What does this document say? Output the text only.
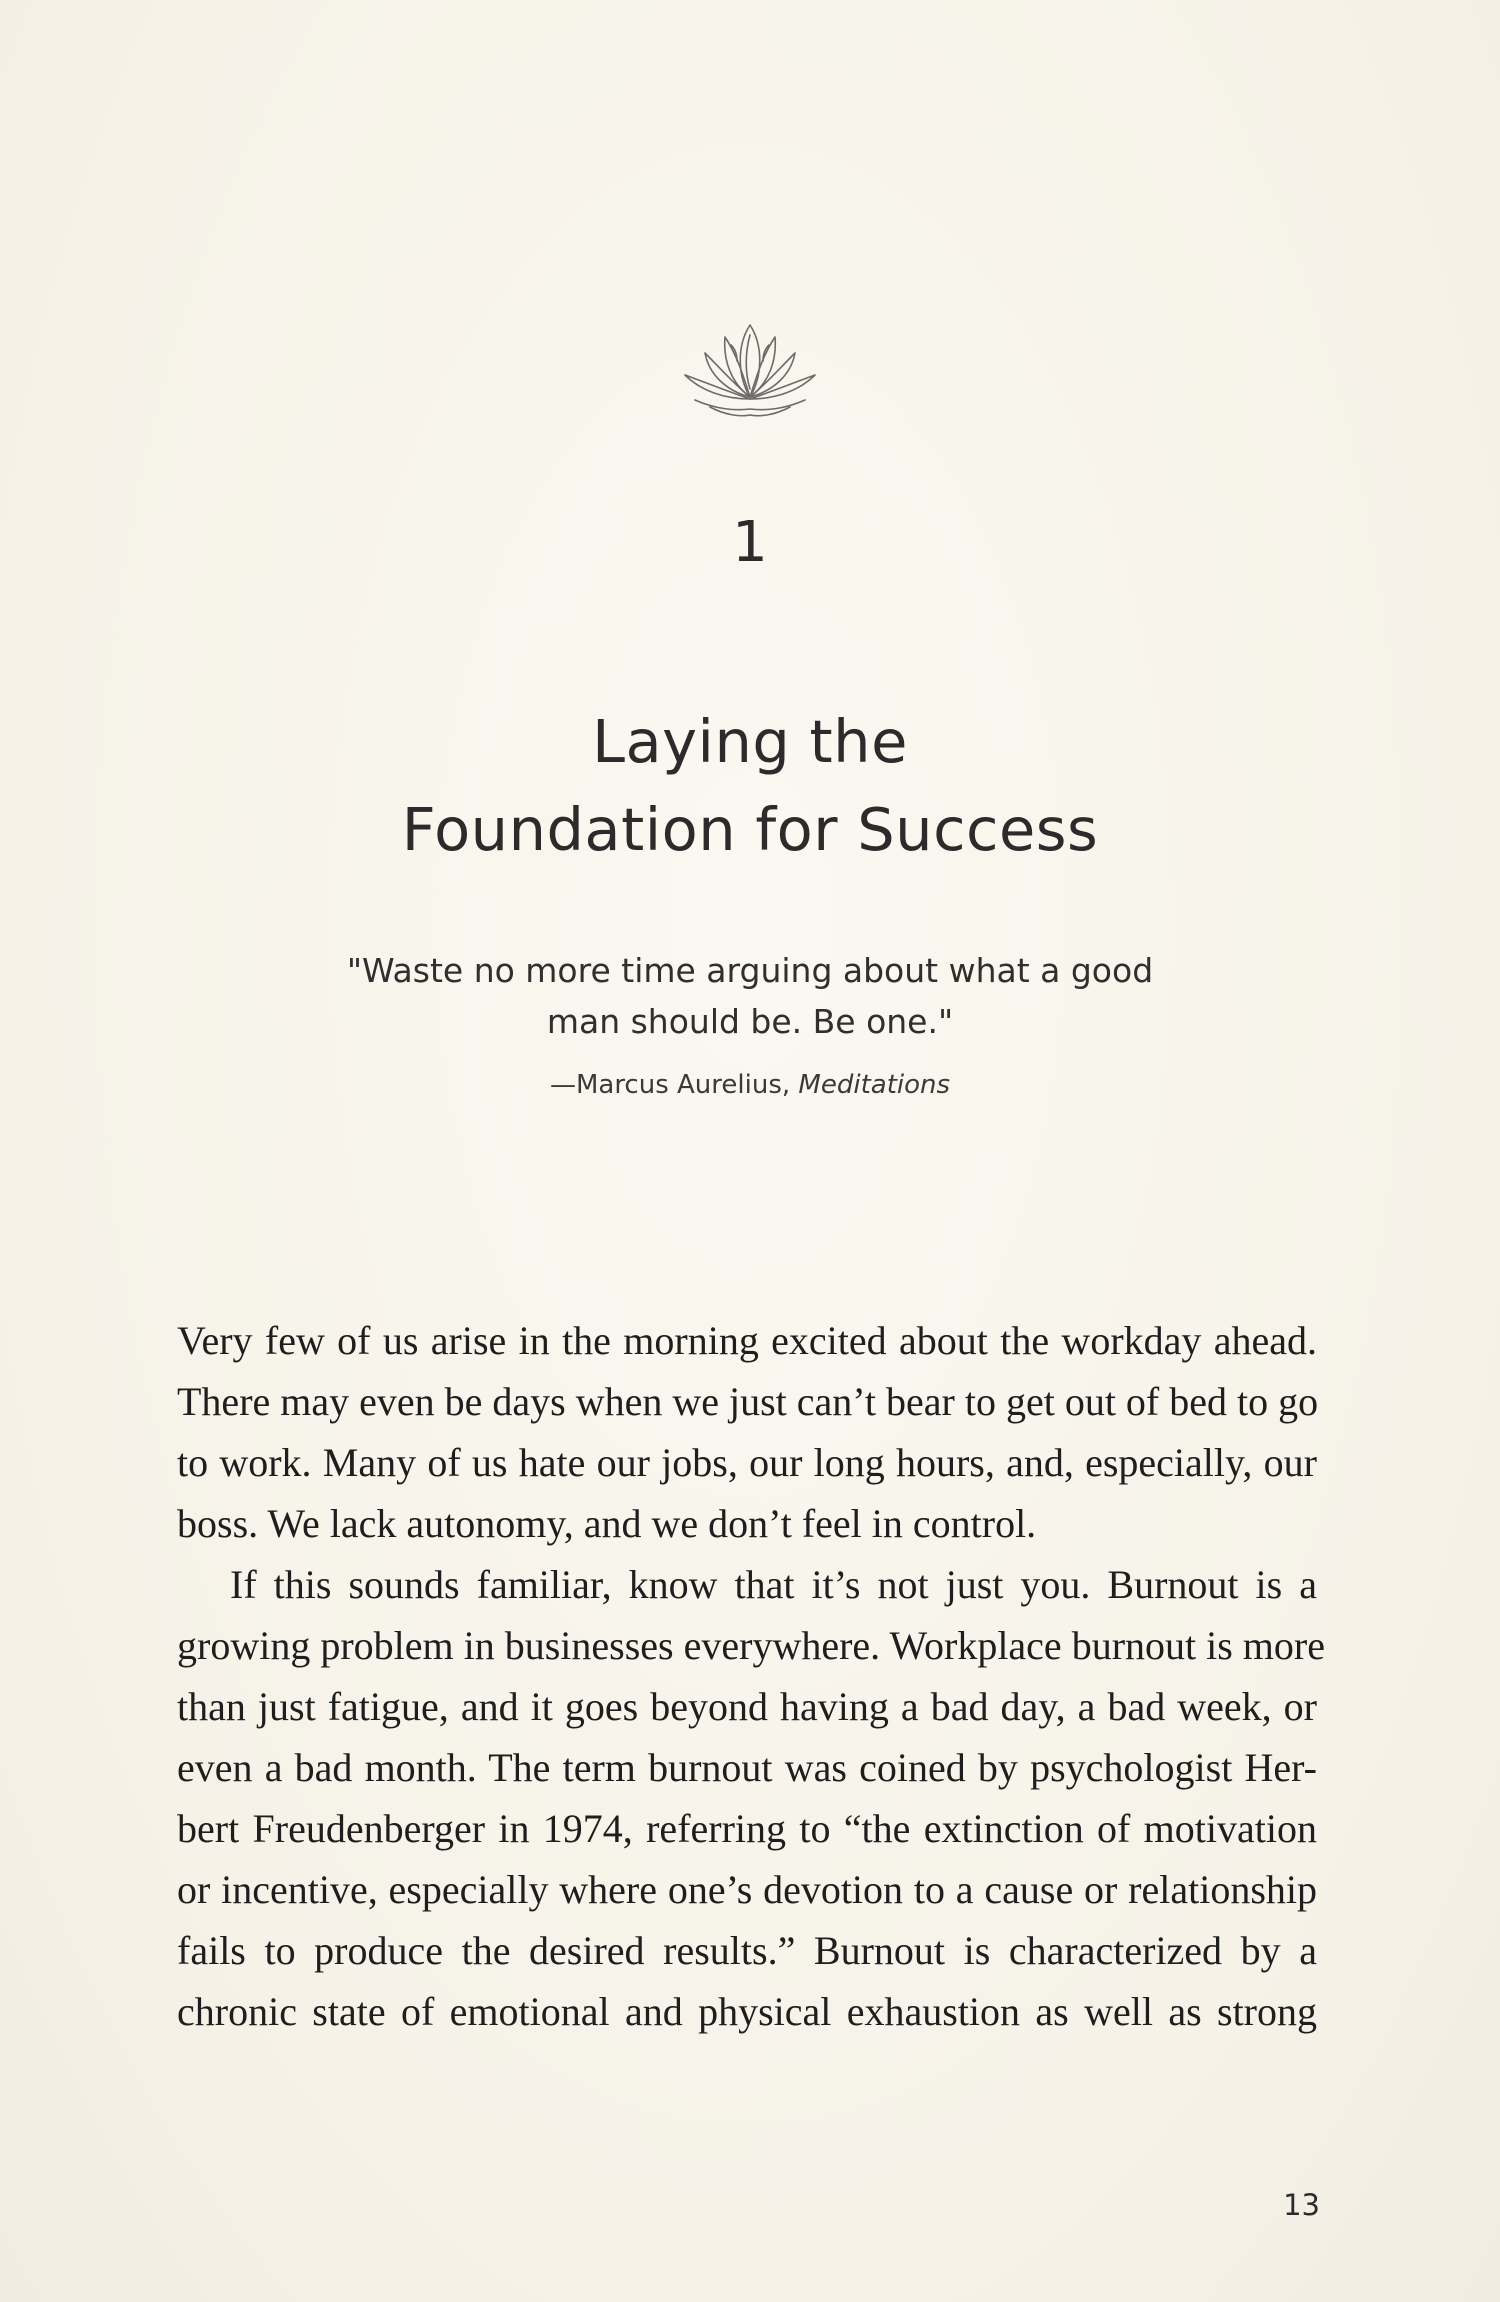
1
Laying the
Foundation for Success
"Waste no more time arguing about what a good
man should be. Be one."
—Marcus Aurelius, Meditations
Very few of us arise in the morning excited about the workday ahead.
There may even be days when we just can’t bear to get out of bed to go
to work. Many of us hate our jobs, our long hours, and, especially, our
boss. We lack autonomy, and we don’t feel in control.
If this sounds familiar, know that it’s not just you. Burnout is a
growing problem in businesses everywhere. Workplace burnout is more
than just fatigue, and it goes beyond having a bad day, a bad week, or
even a bad month. The term burnout was coined by psychologist Her-
bert Freudenberger in 1974, referring to “the extinction of motivation
or incentive, especially where one’s devotion to a cause or relationship
fails to produce the desired results.” Burnout is characterized by a
chronic state of emotional and physical exhaustion as well as strong
13
